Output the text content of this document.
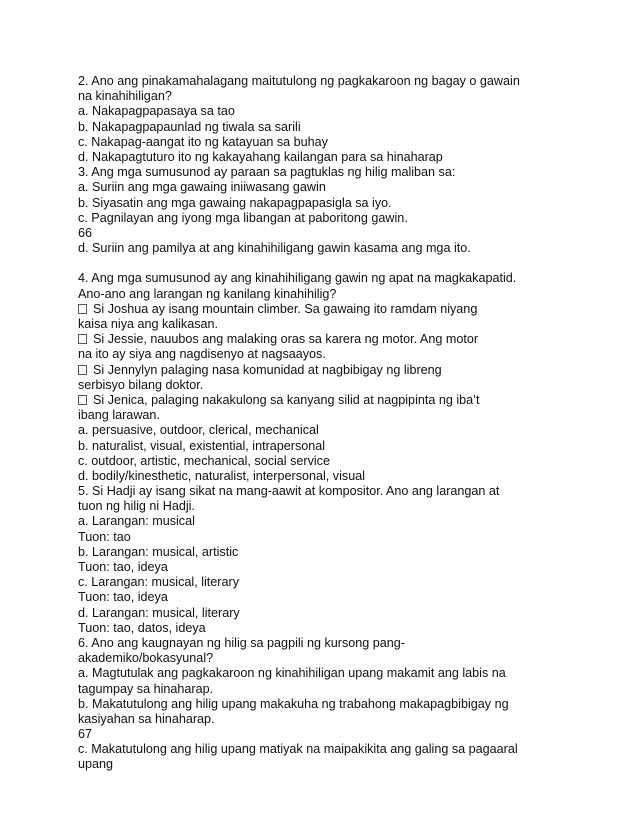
2. Ano ang pinakamahalagang maitutulong ng pagkakaroon ng bagay o gawain
na kinahihiligan?
a. Nakapagpapasaya sa tao
b. Nakapagpapaunlad ng tiwala sa sarili
c. Nakapag-aangat ito ng katayuan sa buhay
d. Nakapagtuturo ito ng kakayahang kailangan para sa hinaharap
3. Ang mga sumusunod ay paraan sa pagtuklas ng hilig maliban sa:
a. Suriin ang mga gawaing iniiwasang gawin
b. Siyasatin ang mga gawaing nakapagpapasigla sa iyo.
c. Pagnilayan ang iyong mga libangan at paboritong gawin.
66
d. Suriin ang pamilya at ang kinahihiligang gawin kasama ang mga ito.
4. Ang mga sumusunod ay ang kinahihiligang gawin ng apat na magkakapatid.
Ano-ano ang larangan ng kanilang kinahihilig?
Si Joshua ay isang mountain climber. Sa gawaing ito ramdam niyang
kaisa niya ang kalikasan.
Si Jessie, nauubos ang malaking oras sa karera ng motor. Ang motor
na ito ay siya ang nagdisenyo at nagsaayos.
Si Jennylyn palaging nasa komunidad at nagbibigay ng libreng
serbisyo bilang doktor.
Si Jenica, palaging nakakulong sa kanyang silid at nagpipinta ng iba’t
ibang larawan.
a. persuasive, outdoor, clerical, mechanical
b. naturalist, visual, existential, intrapersonal
c. outdoor, artistic, mechanical, social service
d. bodily/kinesthetic, naturalist, interpersonal, visual
5. Si Hadji ay isang sikat na mang-aawit at kompositor. Ano ang larangan at
tuon ng hilig ni Hadji.
a. Larangan: musical
Tuon: tao
b. Larangan: musical, artistic
Tuon: tao, ideya
c. Larangan: musical, literary
Tuon: tao, ideya
d. Larangan: musical, literary
Tuon: tao, datos, ideya
6. Ano ang kaugnayan ng hilig sa pagpili ng kursong pang-
akademiko/bokasyunal?
a. Magtutulak ang pagkakaroon ng kinahihiligan upang makamit ang labis na
tagumpay sa hinaharap.
b. Makatutulong ang hilig upang makakuha ng trabahong makapagbibigay ng
kasiyahan sa hinaharap.
67
c. Makatutulong ang hilig upang matiyak na maipakikita ang galing sa pagaaral
upang
